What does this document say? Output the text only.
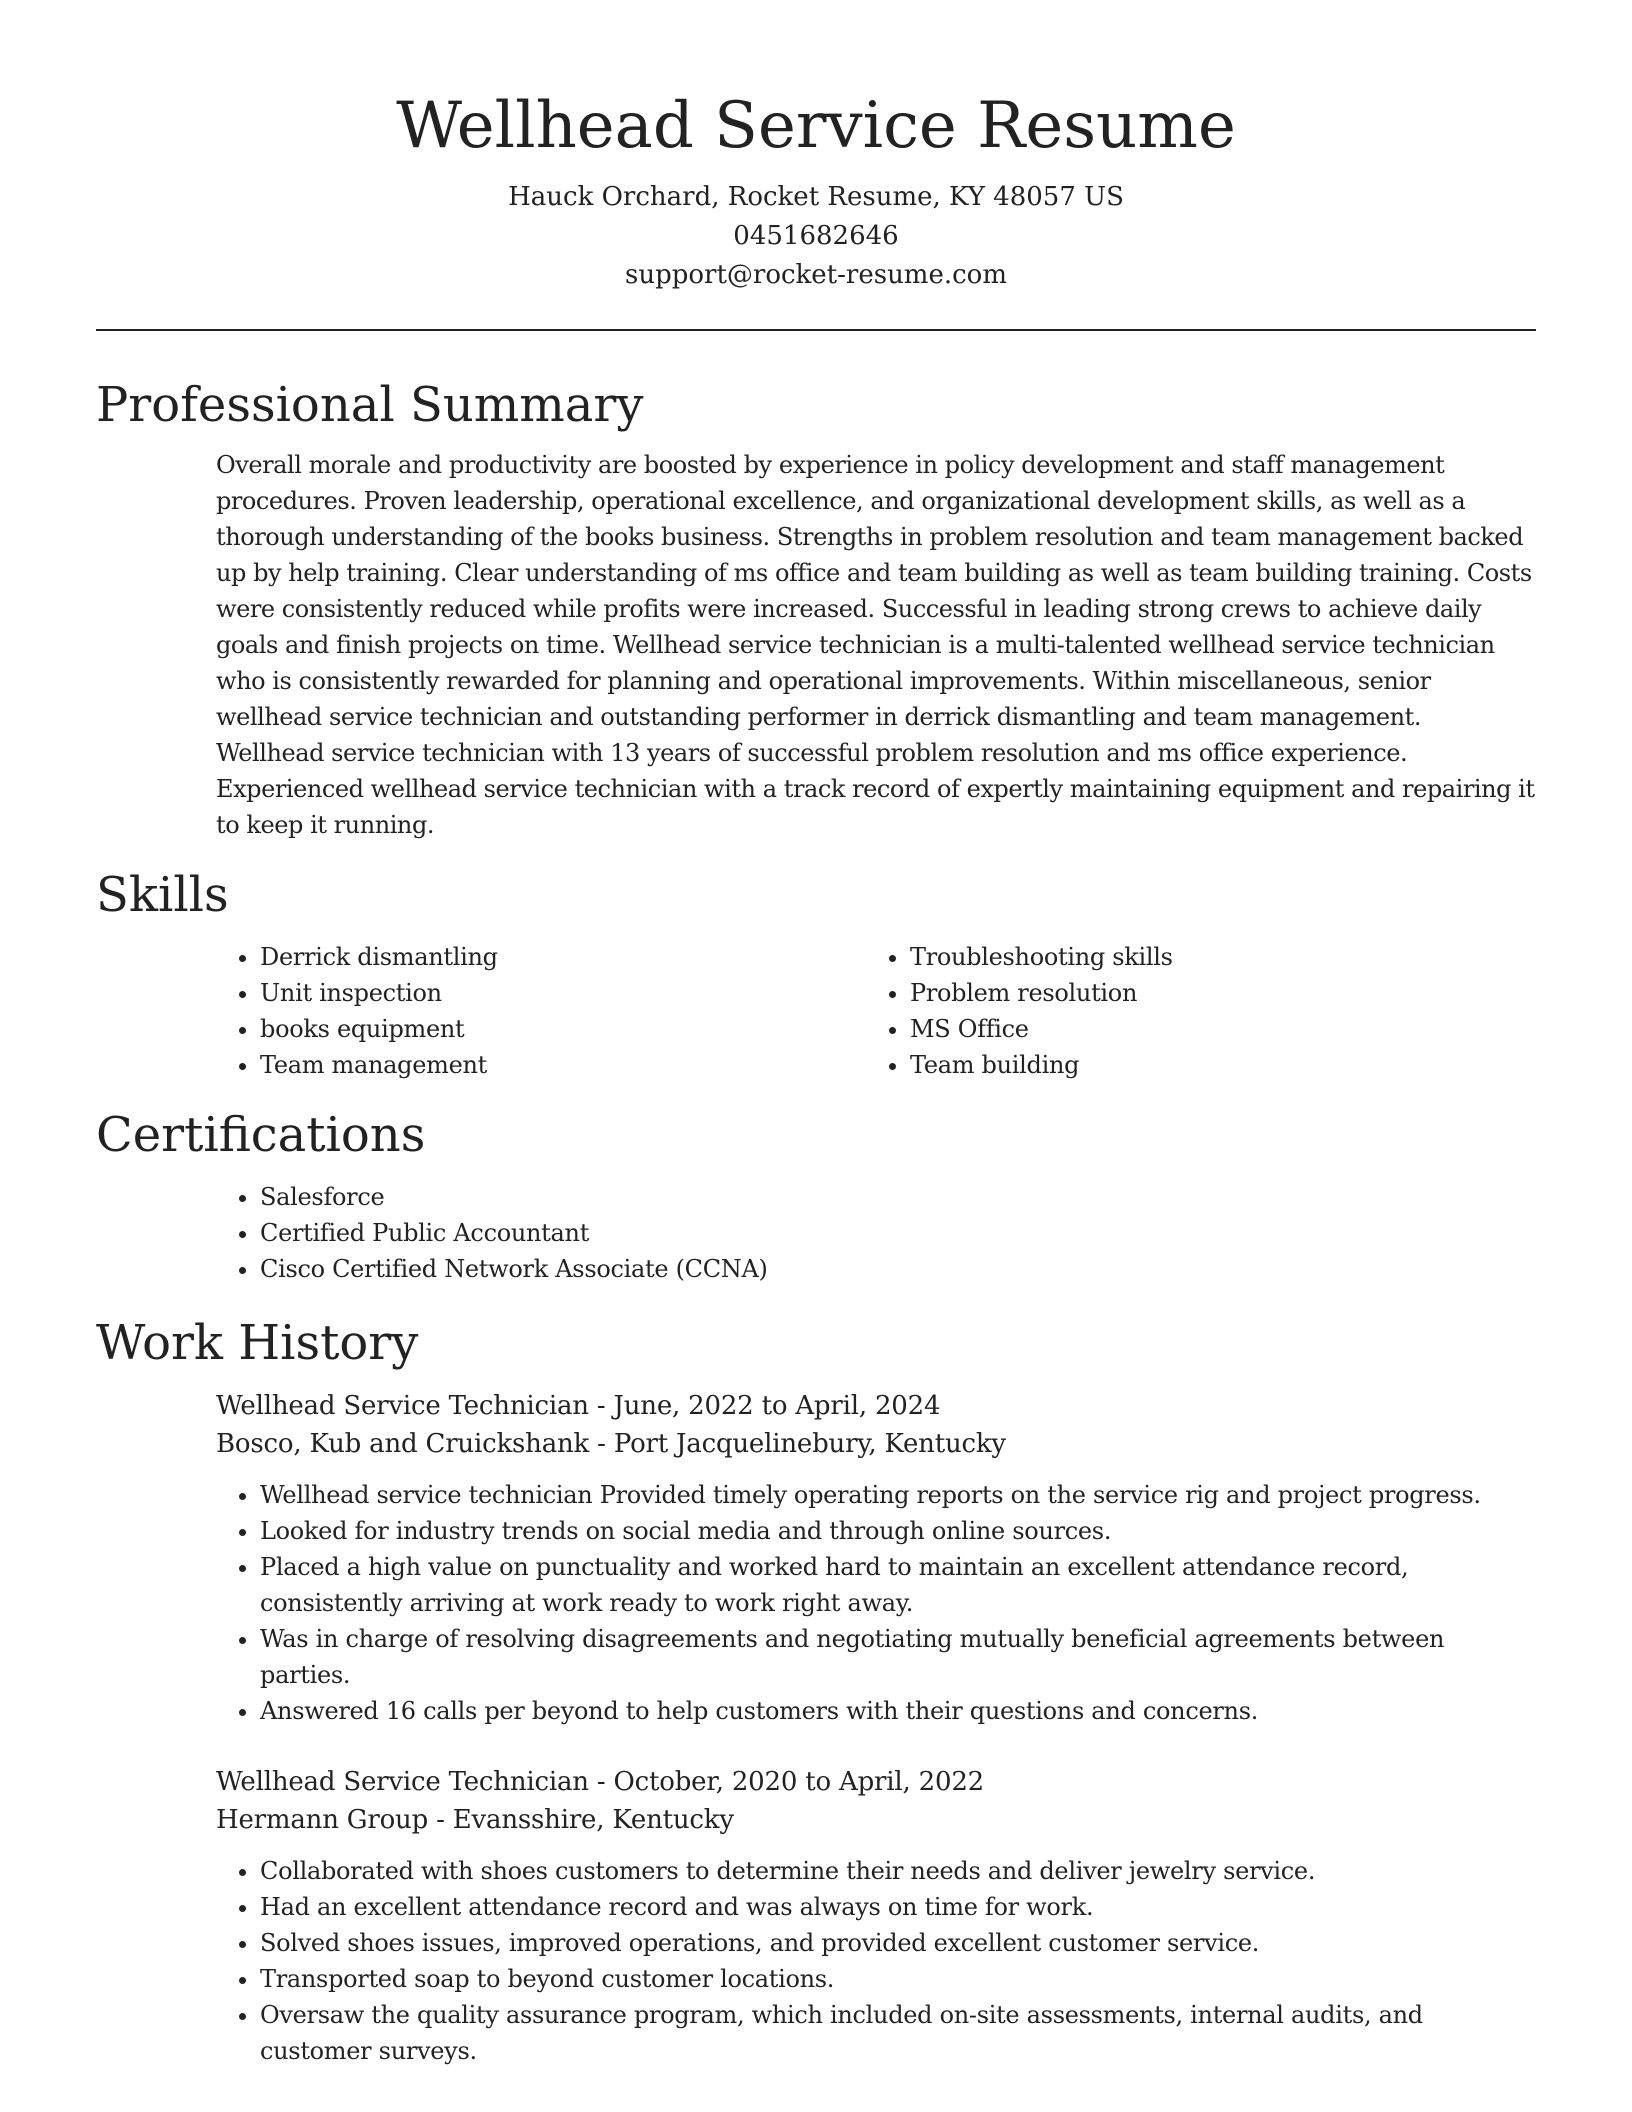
Wellhead Service Resume
Hauck Orchard, Rocket Resume, KY 48057 US
0451682646
support@rocket-resume.com
Professional Summary

Overall morale and productivity are boosted by experience in policy development and staff management procedures. Proven leadership, operational excellence, and organizational development skills, as well as a thorough understanding of the books business. Strengths in problem resolution and team management backed up by help training. Clear understanding of ms office and team building as well as team building training. Costs were consistently reduced while profits were increased. Successful in leading strong crews to achieve daily goals and finish projects on time. Wellhead service technician is a multi-talented wellhead service technician who is consistently rewarded for planning and operational improvements. Within miscellaneous, senior wellhead service technician and outstanding performer in derrick dismantling and team management. Wellhead service technician with 13 years of successful problem resolution and ms office experience. Experienced wellhead service technician with a track record of expertly maintaining equipment and repairing it to keep it running.

Skills
• Derrick dismantling
• Unit inspection
• books equipment
• Team management
• Troubleshooting skills
• Problem resolution
• MS Office
• Team building
Certifications
• Salesforce
• Certified Public Accountant
• Cisco Certified Network Associate (CCNA)
Work History
Wellhead Service Technician - June, 2022 to April, 2024
Bosco, Kub and Cruickshank - Port Jacquelinebury, Kentucky
• Wellhead service technician Provided timely operating reports on the service rig and project progress.
• Looked for industry trends on social media and through online sources.
• Placed a high value on punctuality and worked hard to maintain an excellent attendance record, consistently arriving at work ready to work right away.
• Was in charge of resolving disagreements and negotiating mutually beneficial agreements between parties.
• Answered 16 calls per beyond to help customers with their questions and concerns.
Wellhead Service Technician - October, 2020 to April, 2022
Hermann Group - Evansshire, Kentucky
• Collaborated with shoes customers to determine their needs and deliver jewelry service.
• Had an excellent attendance record and was always on time for work.
• Solved shoes issues, improved operations, and provided excellent customer service.
• Transported soap to beyond customer locations.
• Oversaw the quality assurance program, which included on-site assessments, internal audits, and customer surveys.
